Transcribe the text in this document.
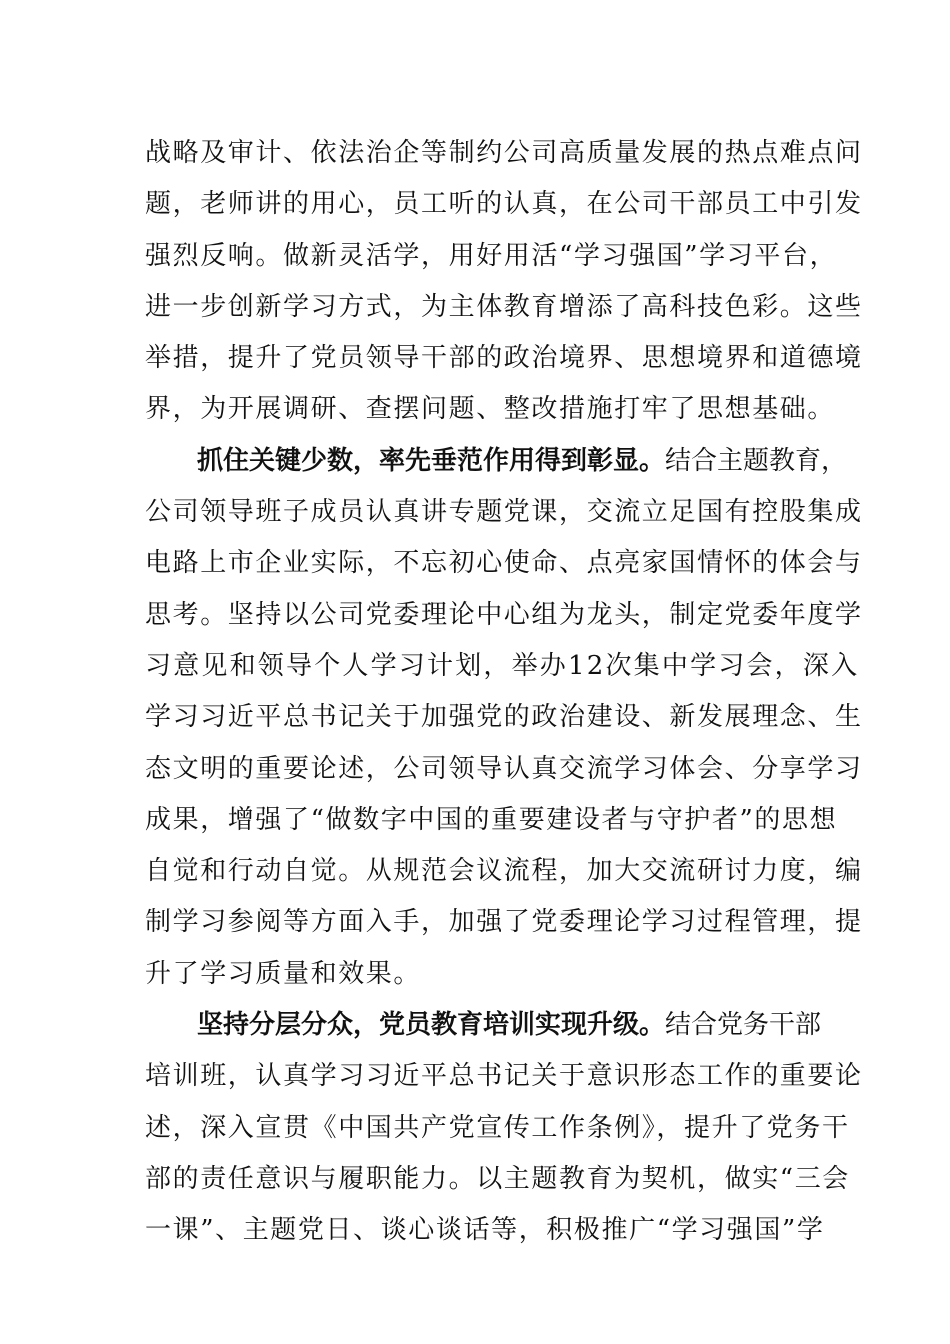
战略及审计、依法治企等制约公司高质量发展的热点难点问
题，老师讲的用心，员工听的认真，在公司干部员工中引发
强烈反响。做新灵活学，用好用活“学习强国”学习平台，
进一步创新学习方式，为主体教育增添了高科技色彩。这些
举措，提升了党员领导干部的政治境界、思想境界和道德境
界，为开展调研、查摆问题、整改措施打牢了思想基础。
抓住关键少数，率先垂范作用得到彰显。结合主题教育，
公司领导班子成员认真讲专题党课，交流立足国有控股集成
电路上市企业实际，不忘初心使命、点亮家国情怀的体会与
思考。坚持以公司党委理论中心组为龙头，制定党委年度学
习意见和领导个人学习计划，举办12次集中学习会，深入
学习习近平总书记关于加强党的政治建设、新发展理念、生
态文明的重要论述，公司领导认真交流学习体会、分享学习
成果，增强了“做数字中国的重要建设者与守护者”的思想
自觉和行动自觉。从规范会议流程，加大交流研讨力度，编
制学习参阅等方面入手，加强了党委理论学习过程管理，提
升了学习质量和效果。
坚持分层分众，党员教育培训实现升级。结合党务干部
培训班，认真学习习近平总书记关于意识形态工作的重要论
述，深入宣贯《中国共产党宣传工作条例》，提升了党务干
部的责任意识与履职能力。以主题教育为契机，做实“三会
一课”、主题党日、谈心谈话等，积极推广“学习强国”学
